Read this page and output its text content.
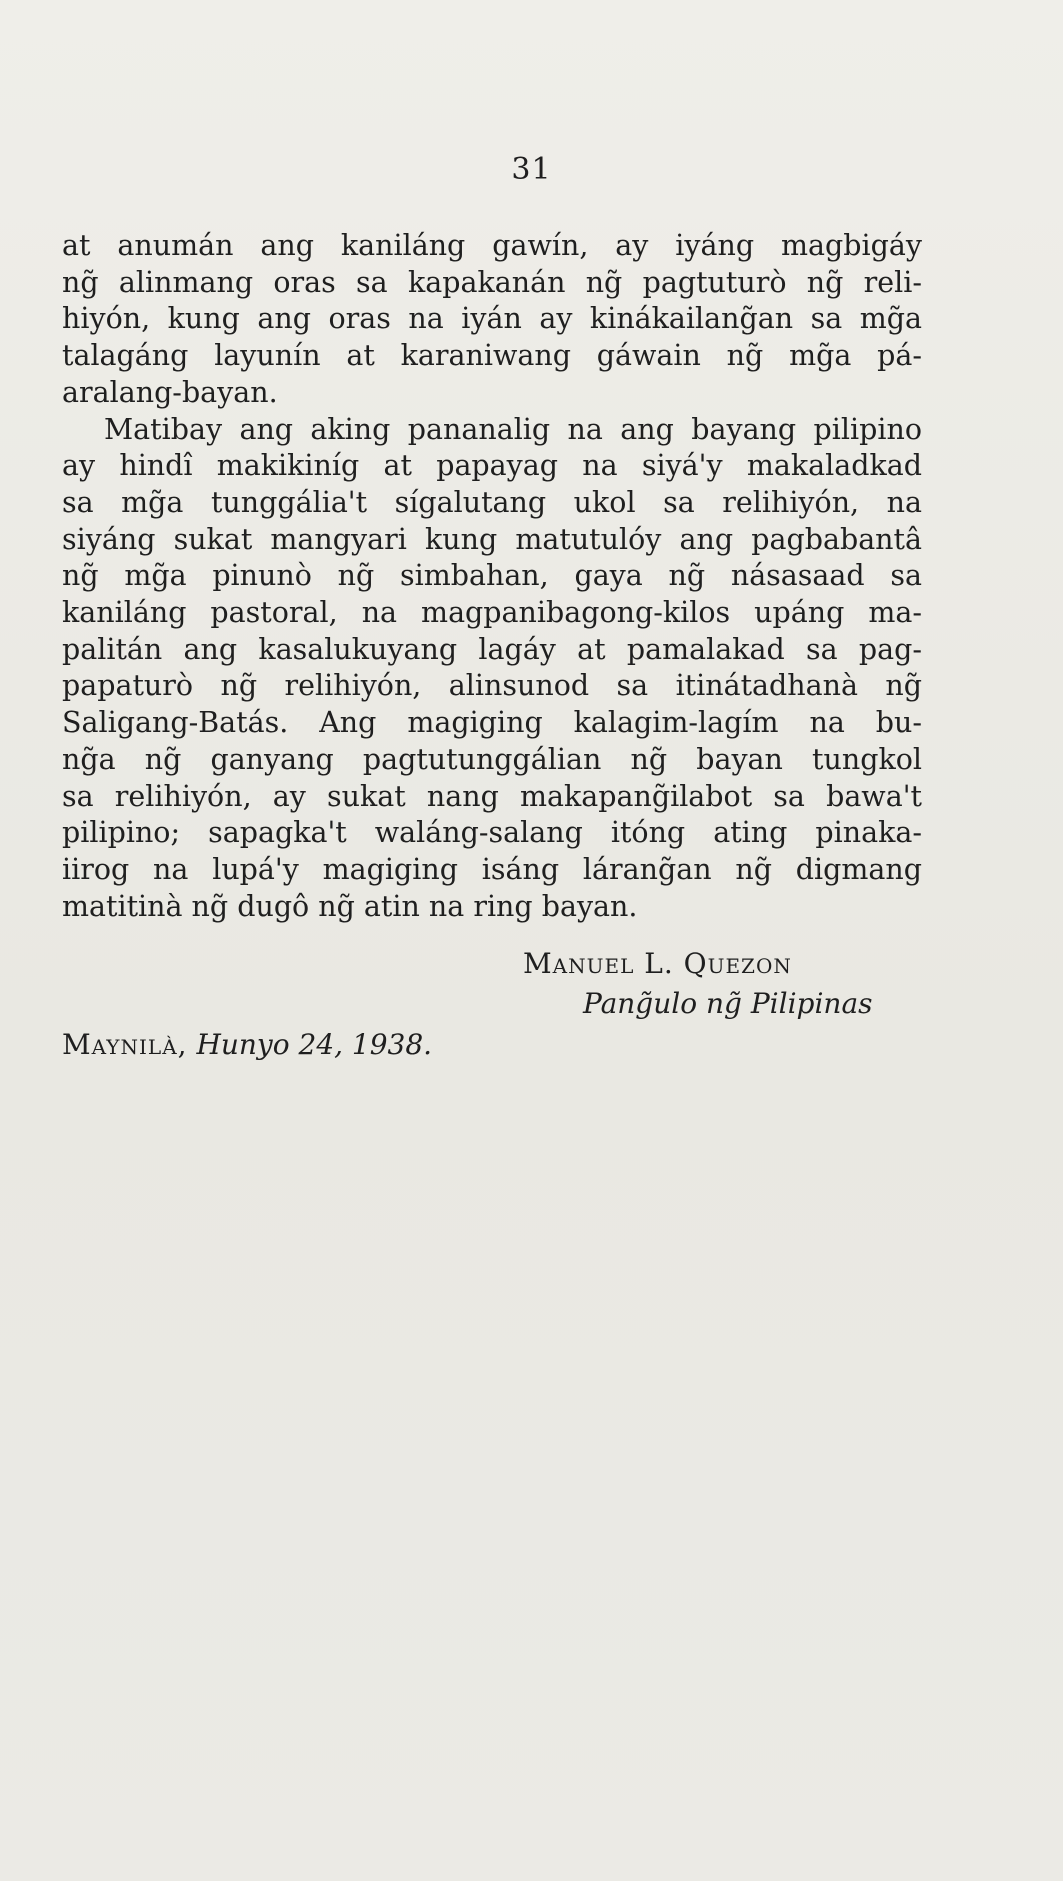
31
at anumán ang kaniláng gawín, ay iyáng magbigáy
ng̃ alinmang oras sa kapakanán ng̃ pagtuturò ng̃ reli-
hiyón, kung ang oras na iyán ay kinákailang̃an sa mg̃a
talagáng layunín at karaniwang gáwain ng̃ mg̃a pá-
aralang-bayan.
Matibay ang aking pananalig na ang bayang pilipino
ay hindî makikiníg at papayag na siyá'y makaladkad
sa mg̃a tunggália't sígalutang ukol sa relihiyón, na
siyáng sukat mangyari kung matutulóy ang pagbabantâ
ng̃ mg̃a pinunò ng̃ simbahan, gaya ng̃ násasaad sa
kaniláng pastoral, na magpanibagong-kilos upáng ma-
palitán ang kasalukuyang lagáy at pamalakad sa pag-
papaturò ng̃ relihiyón, alinsunod sa itinátadhanà ng̃
Saligang-Batás. Ang magiging kalagim-lagím na bu-
ng̃a ng̃ ganyang pagtutunggálian ng̃ bayan tungkol
sa relihiyón, ay sukat nang makapang̃ilabot sa bawa't
pilipino; sapagka't waláng-salang itóng ating pinaka-
iirog na lupá'y magiging isáng lárang̃an ng̃ digmang
matitinà ng̃ dugô ng̃ atin na ring bayan.
Manuel L. Quezon
Pang̃ulo ng̃ Pilipinas
Maynilà, Hunyo 24, 1938.
